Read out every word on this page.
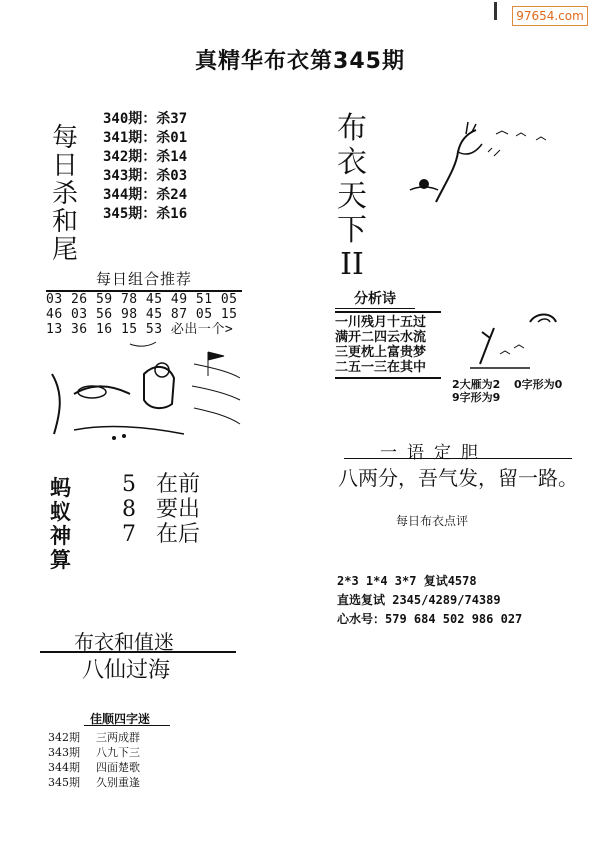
97654.com
真精华布衣第345期
每
日
杀
和
尾
340期：杀37
341期：杀01
342期：杀14
343期：杀03
344期：杀24
345期：杀16
布
衣
天
下
II
每日组合推荐
03 26 59 78 45 49 51 05
46 03 56 98 45 87 05 15
13 36 16 15 53 必出一个>
蚂
蚁
神
算
5 在前
8 要出
7 在后
分析诗
一川残月十五过
满开二四云水流
三更枕上富贵梦
二五一三在其中
2大雁为2 0字形为0
9字形为9
一语定胆
八两分，吾气发，留一路。
每日布衣点评
2*3 1*4 3*7 复试4578
直选复试 2345/4289/74389
心水号：579 684 502 986 027
布衣和值迷
八仙过海
佳顺四字迷
342期 三两成群
343期 八九下三
344期 四面楚歌
345期 久别重逢
